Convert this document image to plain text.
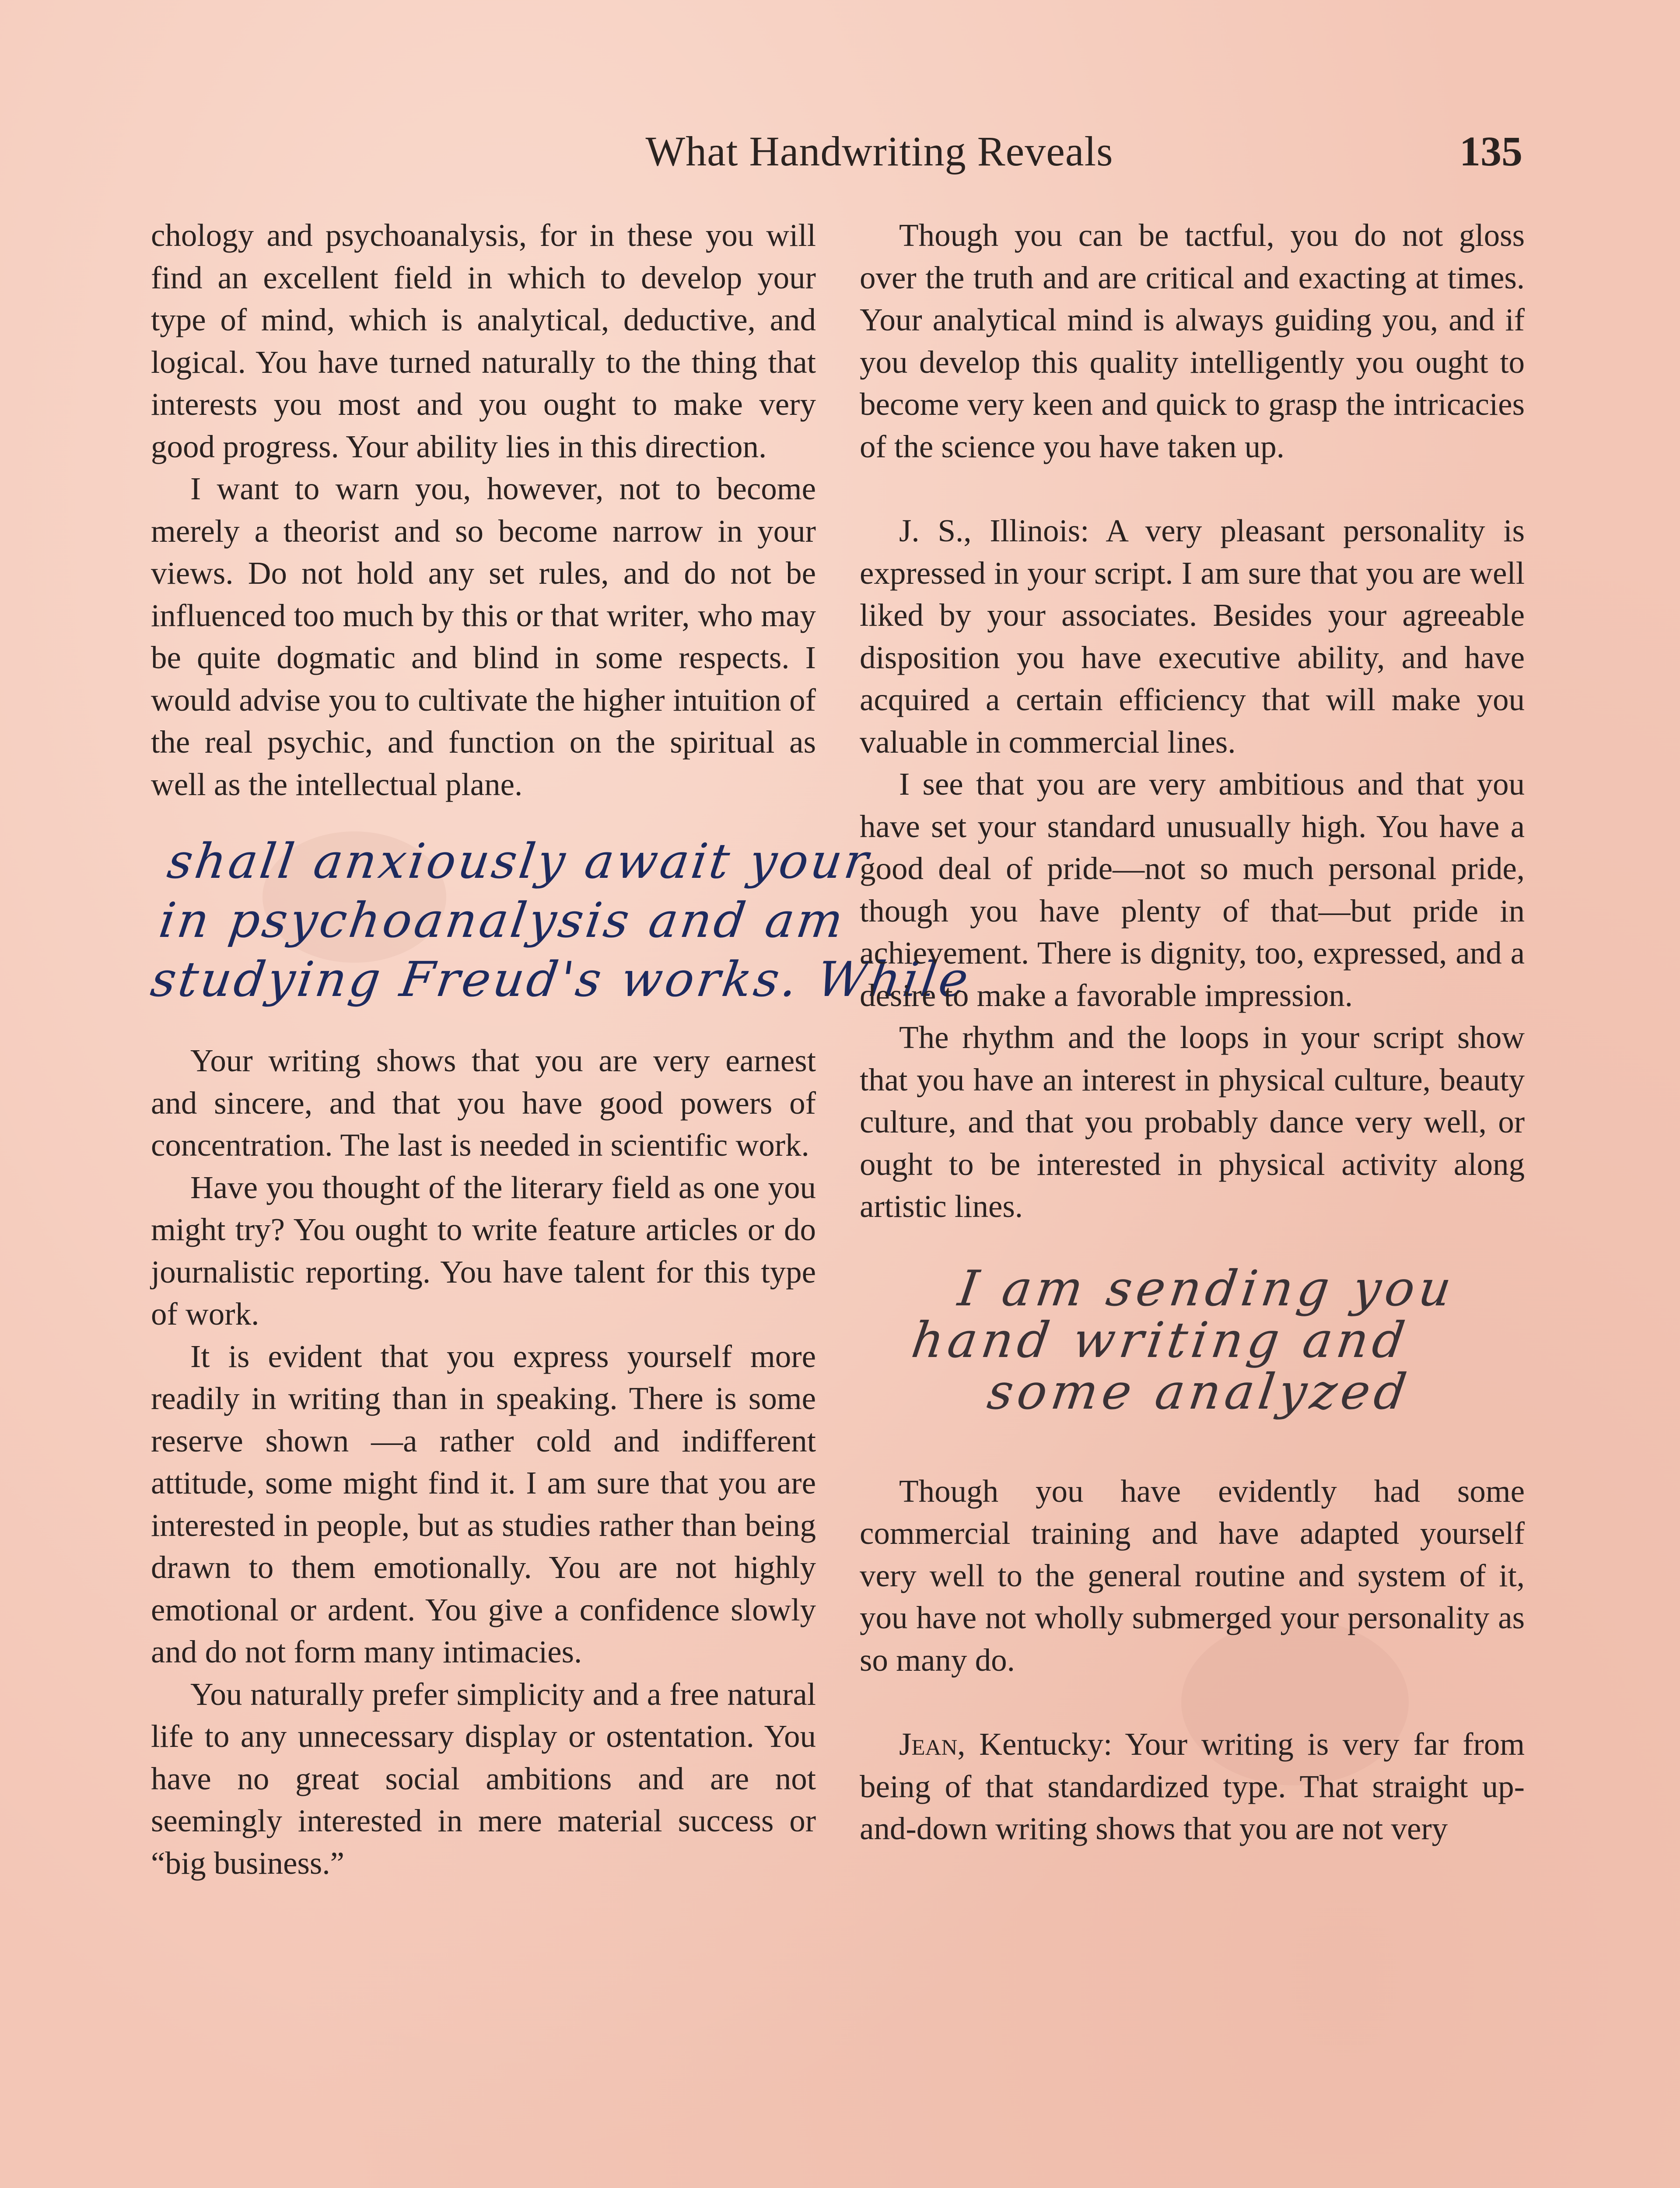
What Handwriting Reveals	135

chology and psychoanalysis, for in these you will find an excellent field in which to develop your type of mind, which is analytical, deductive, and logical. You have turned naturally to the thing that interests you most and you ought to make very good progress. Your ability lies in this direction.

I want to warn you, however, not to become merely a theorist and so become narrow in your views. Do not hold any set rules, and do not be influenced too much by this or that writer, who may be quite dogmatic and blind in some respects. I would advise you to cultivate the higher intuition of the real psychic, and function on the spiritual as well as the intellectual plane.

shall anxiously await your
in psychoanalysis and am
studying Freud's works. While

Your writing shows that you are very earnest and sincere, and that you have good powers of concentration. The last is needed in scientific work.

Have you thought of the literary field as one you might try? You ought to write feature articles or do journalistic reporting. You have talent for this type of work.

It is evident that you express yourself more readily in writing than in speaking. There is some reserve shown —a rather cold and indifferent attitude, some might find it. I am sure that you are interested in people, but as studies rather than being drawn to them emotionally. You are not highly emotional or ardent. You give a confidence slowly and do not form many intimacies.

You naturally prefer simplicity and a free natural life to any unnecessary display or ostentation. You have no great social ambitions and are not seemingly interested in mere material success or “big business.”

Though you can be tactful, you do not gloss over the truth and are critical and exacting at times. Your analytical mind is always guiding you, and if you develop this quality intelligently you ought to become very keen and quick to grasp the intricacies of the science you have taken up.

J. S., Illinois: A very pleasant personality is expressed in your script. I am sure that you are well liked by your associates. Besides your agreeable disposition you have executive ability, and have acquired a certain efficiency that will make you valuable in commercial lines.

I see that you are very ambitious and that you have set your standard unusually high. You have a good deal of pride—not so much personal pride, though you have plenty of that—but pride in achievement. There is dignity, too, expressed, and a desire to make a favorable impression.

The rhythm and the loops in your script show that you have an interest in physical culture, beauty culture, and that you probably dance very well, or ought to be interested in physical activity along artistic lines.

I am sending you
hand writing and
some analyzed

Though you have evidently had some commercial training and have adapted yourself very well to the general routine and system of it, you have not wholly submerged your personality as so many do.

Jean, Kentucky: Your writing is very far from being of that standardized type. That straight up-and-down writing shows that you are not very
